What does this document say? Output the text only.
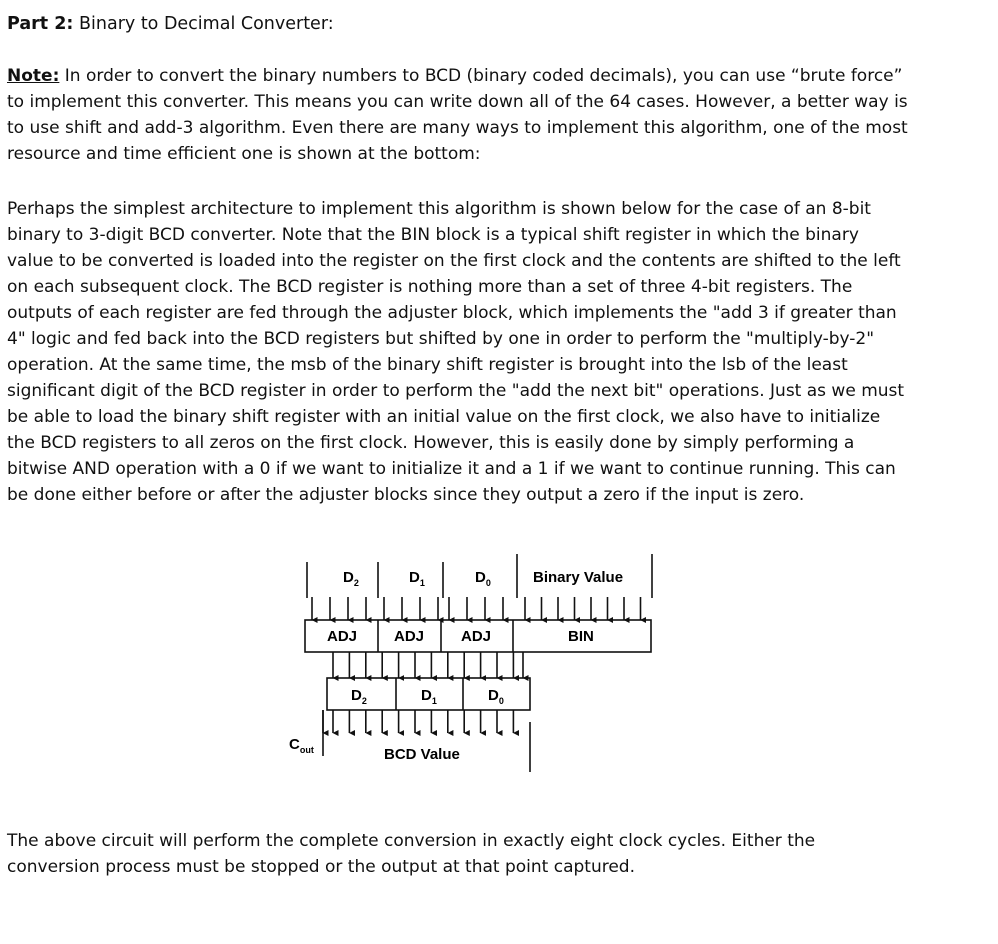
Part 2: Binary to Decimal Converter:
Note: In order to convert the binary numbers to BCD (binary coded decimals), you can use “brute force”
to implement this converter. This means you can write down all of the 64 cases. However, a better way is
to use shift and add-3 algorithm. Even there are many ways to implement this algorithm, one of the most
resource and time efficient one is shown at the bottom:
Perhaps the simplest architecture to implement this algorithm is shown below for the case of an 8-bit
binary to 3-digit BCD converter. Note that the BIN block is a typical shift register in which the binary
value to be converted is loaded into the register on the first clock and the contents are shifted to the left
on each subsequent clock. The BCD register is nothing more than a set of three 4-bit registers. The
outputs of each register are fed through the adjuster block, which implements the "add 3 if greater than
4" logic and fed back into the BCD registers but shifted by one in order to perform the "multiply-by-2"
operation. At the same time, the msb of the binary shift register is brought into the lsb of the least
significant digit of the BCD register in order to perform the "add the next bit" operations. Just as we must
be able to load the binary shift register with an initial value on the first clock, we also have to initialize
the BCD registers to all zeros on the first clock. However, this is easily done by simply performing a
bitwise AND operation with a 0 if we want to initialize it and a 1 if we want to continue running. This can
be done either before or after the adjuster blocks since they output a zero if the input is zero.
$D_2$	$D_1$	$D_0$	Binary Value
ADJ ADJ ADJ	BIN
$D_2$	$D_1$	$D_0$
$C_{out}$	BCD Value
The above circuit will perform the complete conversion in exactly eight clock cycles. Either the
conversion process must be stopped or the output at that point captured.
